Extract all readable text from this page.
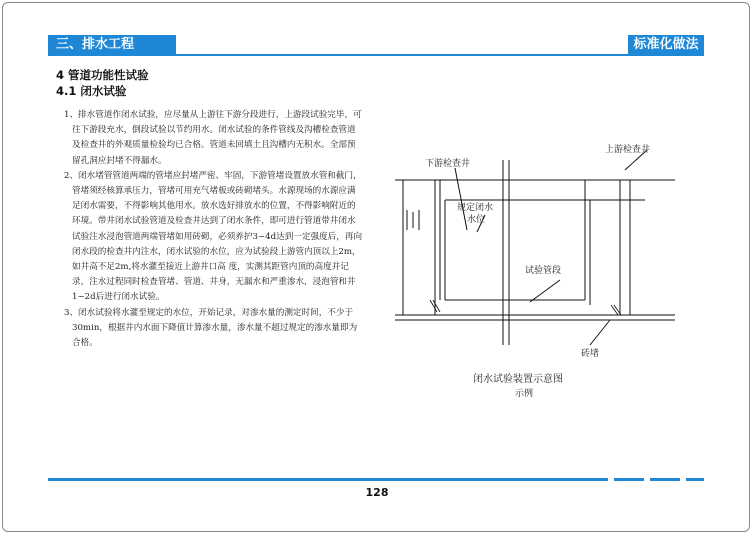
三、排水工程	标准化做法
4 管道功能性试验
4.1 闭水试验

1、排水管道作闭水试验，应尽量从上游往下游分段进行，上游段试验完毕，可往下游段充水，倒段试验以节约用水。闭水试验的条件管线及沟槽检查管道及检查井的外观质量检验均已合格。管道未回填土且沟槽内无积水。全部预留孔洞应封堵不得漏水。

2、闭水堵管管道两端的管堵应封堵严密、牢固，下游管堵设置放水管和截门，管堵须经核算承压力，管堵可用充气堵板或砖砌堵头。水源现场的水源应满足闭水需要，不得影响其他用水。放水选好排放水的位置，不得影响附近的环境。带井闭水试验管道及检查井达到了闭水条件，即可进行管道带井闭水试验注水浸泡管道两端管堵如用砖砌，必须养护3~4d达到一定强度后，再向闭水段的检查井内注水，闭水试验的水位，应为试验段上游管内顶以上2m，如井高不足2m,将水灌至接近上游井口高 度，实测其距管内顶的高度并记录，注水过程同时检查管堵、管道、井身，无漏水和严重渗水，浸泡管和井1~2d后进行闭水试验。

3、闭水试验将水灌至规定的水位，开始记录，对渗水量的测定时间，不少于30min，根据井内水面下降值计算渗水量，渗水量不超过规定的渗水量即为合格。

下游检查井
上游检查井
规定闭水
水位
试验管段
砖堵
闭水试验装置示意图
示例
128
